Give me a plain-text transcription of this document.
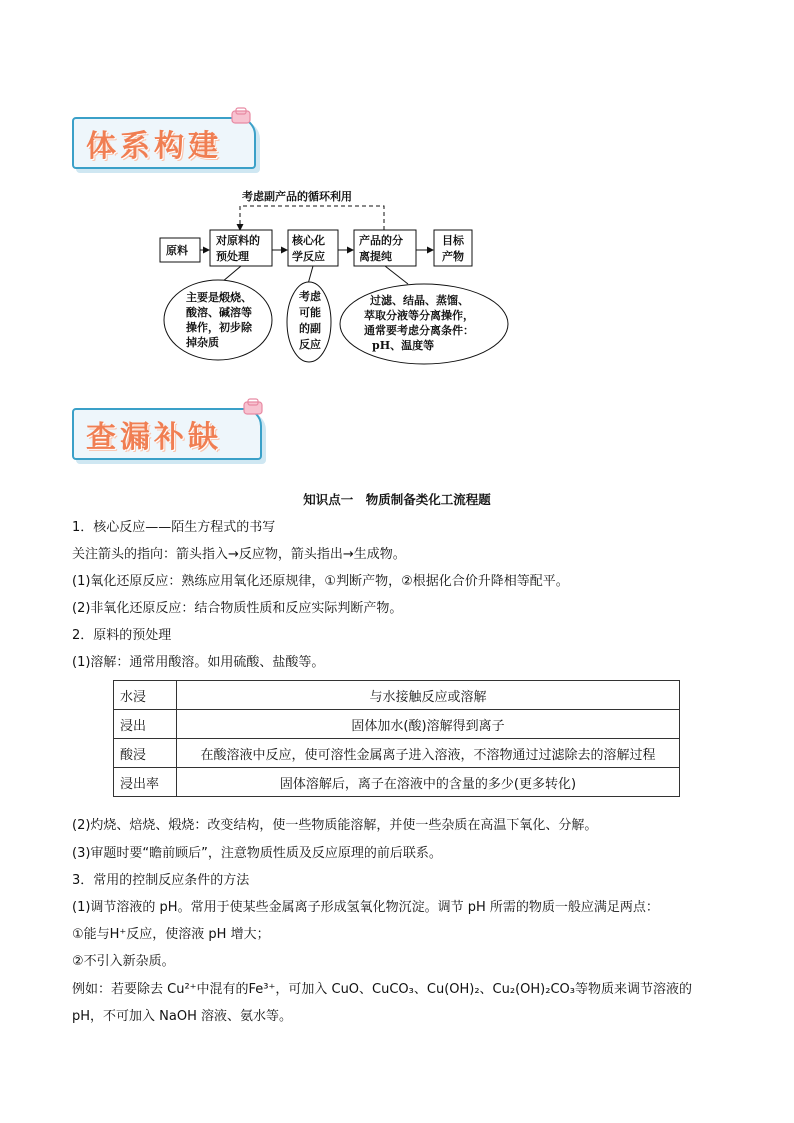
体系构建
考虑副产品的循环利用
原料
对原料的
预处理
核心化
学反应
产品的分
离提纯
目标
产物
主要是煅烧、
酸溶、碱溶等
操作，初步除
掉杂质
考虑
可能
的副
反应
过滤、结晶、蒸馏、
萃取分液等分离操作，
通常要考虑分离条件：
pH、温度等
查漏补缺
知识点一　物质制备类化工流程题
1．核心反应——陌生方程式的书写
关注箭头的指向：箭头指入→反应物，箭头指出→生成物。
(1)氧化还原反应：熟练应用氧化还原规律，①判断产物，②根据化合价升降相等配平。
(2)非氧化还原反应：结合物质性质和反应实际判断产物。
2．原料的预处理
(1)溶解：通常用酸溶。如用硫酸、盐酸等。
水浸	与水接触反应或溶解
浸出	固体加水(酸)溶解得到离子
酸浸	在酸溶液中反应，使可溶性金属离子进入溶液，不溶物通过过滤除去的溶解过程
浸出率	固体溶解后，离子在溶液中的含量的多少(更多转化)
(2)灼烧、焙烧、煅烧：改变结构，使一些物质能溶解，并使一些杂质在高温下氧化、分解。
(3)审题时要“瞻前顾后”，注意物质性质及反应原理的前后联系。
3．常用的控制反应条件的方法
(1)调节溶液的 pH。常用于使某些金属离子形成氢氧化物沉淀。调节 pH 所需的物质一般应满足两点：
①能与H⁺反应，使溶液 pH 增大；
②不引入新杂质。
例如：若要除去 Cu²⁺中混有的Fe³⁺，可加入 CuO、CuCO₃、Cu(OH)₂、Cu₂(OH)₂CO₃等物质来调节溶液的
pH，不可加入 NaOH 溶液、氨水等。
